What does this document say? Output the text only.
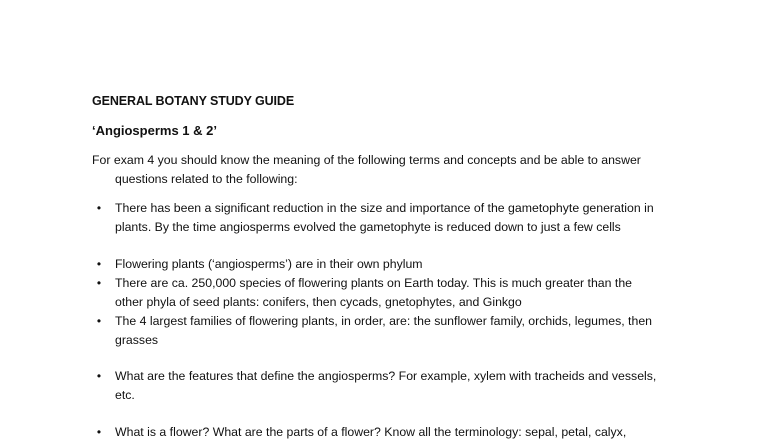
GENERAL BOTANY STUDY GUIDE
‘Angiosperms 1 & 2’
For exam 4 you should know the meaning of the following terms and concepts and be able to answer
questions related to the following:
•	There has been a significant reduction in the size and importance of the gametophyte generation in
plants. By the time angiosperms evolved the gametophyte is reduced down to just a few cells
•	Flowering plants (‘angiosperms’) are in their own phylum
•	There are ca. 250,000 species of flowering plants on Earth today. This is much greater than the
other phyla of seed plants: conifers, then cycads, gnetophytes, and Ginkgo
•	The 4 largest families of flowering plants, in order, are: the sunflower family, orchids, legumes, then
grasses
•	What are the features that define the angiosperms? For example, xylem with tracheids and vessels,
etc.
•	What is a flower? What are the parts of a flower? Know all the terminology: sepal, petal, calyx,
